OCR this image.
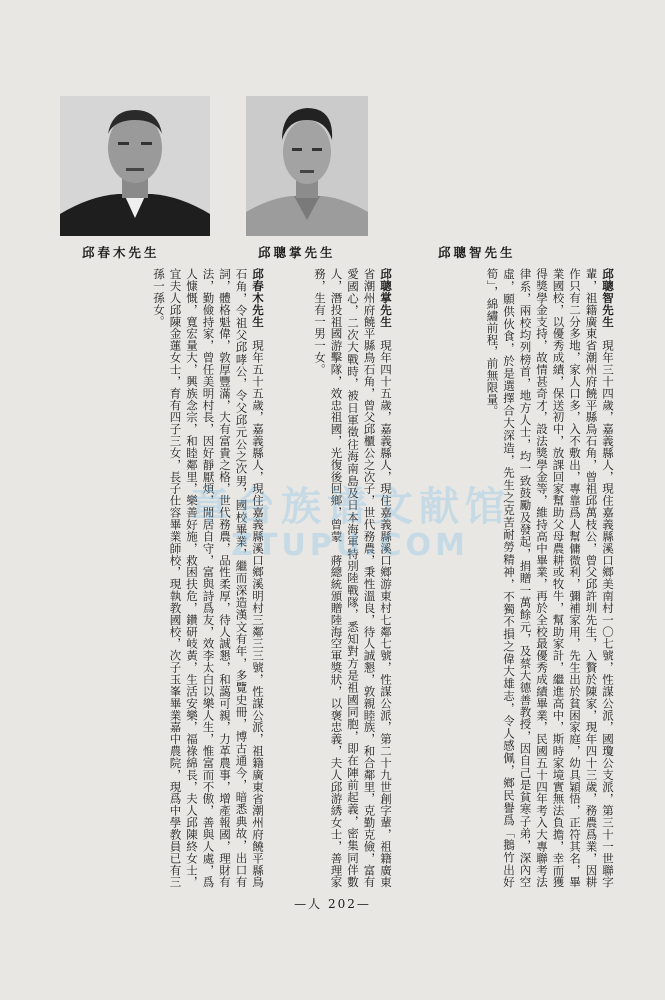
邱春木先生	邱聰掌先生	邱聰智先生
邱聰智先生　現年三十四歲，嘉義縣人，現住嘉義縣溪口鄉美南村一〇七號，性謀公派，國瓊公支派，第三十一世聯字輩，祖籍廣東省潮州府饒平縣鳥石角，曾祖邱萬枝公，曾父邱許圳先生，入贅於陳家，現年四十三歲，務農爲業，因耕作只有二分多地，家人口多，入不敷出，專靠爲人幫傭微利，彌補家用，先生出於貧困家庭，幼具穎悟，正符其名，畢業國校，以優秀成績，保送初中，放課回家幫助父母農耕或牧牛，幫助家計，繼進高中，斯時家境實無法負擔，幸而獲得獎學金支持，故情甚奇才，設法獎學金等，維持高中畢業，再於全校最優秀成績畢業，民國五十四年考入大專聯考法律系，兩校均列榜首，地方人士，均一致鼓勵及發起，捐贈一萬餘元，及蔡大德善教授，因自己是貧寒子弟，深內空虛，願供伙食，於是選擇合大深造，先生之克苦耐勞精神，不獨不損之偉大雄志，令人感佩，鄉民譽爲「鵝竹出好筍」，綿繡前程，前無限量。
邱聰掌先生　現年四十五歲，嘉義縣人，現住嘉義縣溪口鄉游東村七鄰七號，性謀公派，第二十九世創字輩，祖籍廣東省潮州府饒平縣鳥石角，曾父邱櫃公之次子，世代務農，秉性溫良，待人誠懇，敦親睦族，和合鄰里，克勤克儉，富有愛國心，二次大戰時，被日軍徵往海南島及日本海軍特別陸戰隊，悉知對方是祖國同胞，即在陣前起義，密集同伴數人，潛投祖國游擊隊，效忠祖國，光復後回鄉，曾蒙　蔣總統頒贈陸海空軍獎狀，以褒忠義，夫人邱游綉女士，善理家務，生有一男一女。
邱春木先生　現年五十五歲，嘉義縣人，現住嘉義縣溪口鄉溪明村三鄰三三號，性謀公派，祖籍廣東省潮州府饒平縣鳥石角，令祖父邱哮公，令父邱元公之次男，國校畢業，繼而深造漢文有年，多覽史冊，博古通今，暗悉典故，出口有詞，體格魁偉，敦厚豐滿，大有富貴之格，世代務農，品性柔厚，待人誠懇，和藹可親，力革農事，增產報國，理財有法，勤儉持家，曾任美明村長，因好靜厭煩，閒居自守，富與詩爲友，效李太白以樂人生，惟富而不傲，善與人處，爲人慷慨，寬宏量大，興族念宗，和睦鄰里，樂善好施，救困扶危，鑽研岐黃，生活安樂，福祿綿長，夫人邱陳終女士，宜夫人邱陳金蓮女士，育有四子三女，長子仕容畢業師校，現執教國校，次子玉峯畢業嘉中農院，現爲中學教員已有三孫一孫女。
章台族谱文献馆
ZTUPU.COM
—人 202—
